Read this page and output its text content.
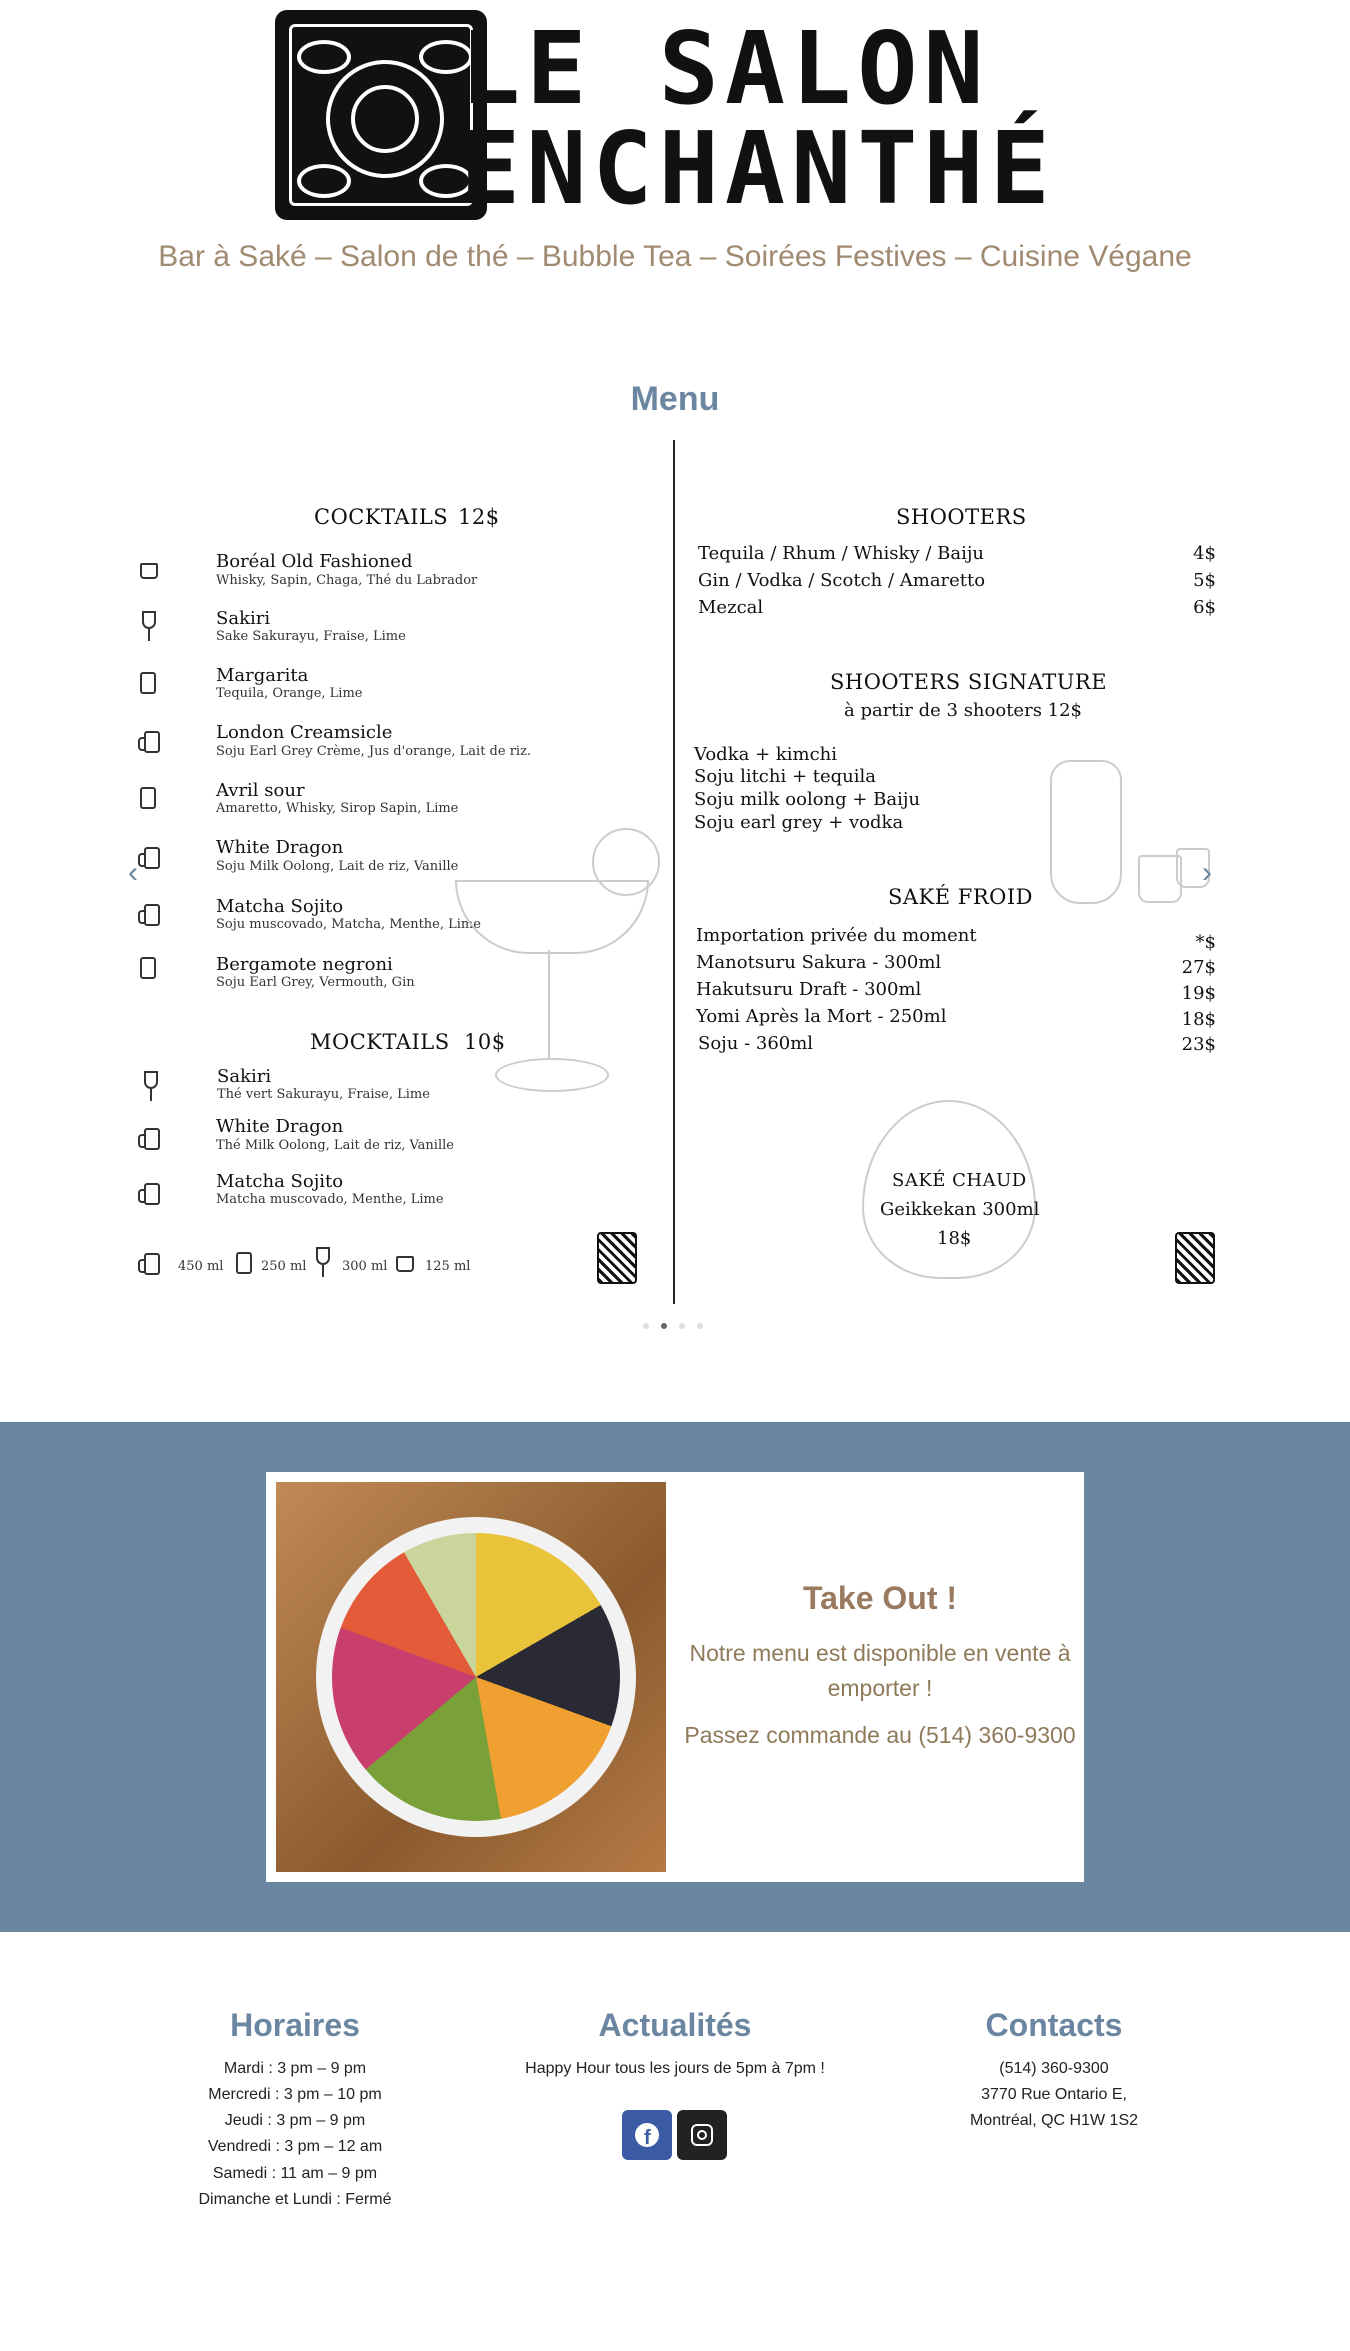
LE SALON
ENCHANTHÉ
Bar à Saké – Salon de thé – Bubble Tea – Soirées Festives – Cuisine Végane
Menu
COCKTAILS 12$
Boréal Old Fashioned
Whisky, Sapin, Chaga, Thé du Labrador
Sakiri
Sake Sakurayu, Fraise, Lime
Margarita
Tequila, Orange, Lime
London Creamsicle
Soju Earl Grey Crème, Jus d'orange, Lait de riz.
Avril sour
Amaretto, Whisky, Sirop Sapin, Lime
White Dragon
Soju Milk Oolong, Lait de riz, Vanille
Matcha Sojito
Soju muscovado, Matcha, Menthe, Lime
Bergamote negroni
Soju Earl Grey, Vermouth, Gin
MOCKTAILS 10$
Sakiri
Thé vert Sakurayu, Fraise, Lime
White Dragon
Thé Milk Oolong, Lait de riz, Vanille
Matcha Sojito
Matcha muscovado, Menthe, Lime
450 ml	250 ml	300 ml	125 ml
‹
SHOOTERS
Tequila / Rhum / Whisky / Baiju	4$
Gin / Vodka / Scotch / Amaretto	5$
Mezcal	6$
SHOOTERS SIGNATURE
à partir de 3 shooters 12$
Vodka + kimchi
Soju litchi + tequila
Soju milk oolong + Baiju
Soju earl grey + vodka
SAKÉ FROID
Importation privée du moment	*$
Manotsuru Sakura - 300ml	27$
Hakutsuru Draft - 300ml	19$
Yomi Après la Mort - 250ml	18$
Soju - 360ml	23$
SAKÉ CHAUD
Geikkekan 300ml
18$
›
Take Out !
Notre menu est disponible en vente à emporter !
Passez commande au (514) 360-9300
Horaires
Mardi : 3 pm – 9 pm
Mercredi : 3 pm – 10 pm
Jeudi : 3 pm – 9 pm
Vendredi : 3 pm – 12 am
Samedi : 11 am – 9 pm
Dimanche et Lundi : Fermé
Actualités
Happy Hour tous les jours de 5pm à 7pm !
f
Contacts
(514) 360-9300
3770 Rue Ontario E,
Montréal, QC H1W 1S2
